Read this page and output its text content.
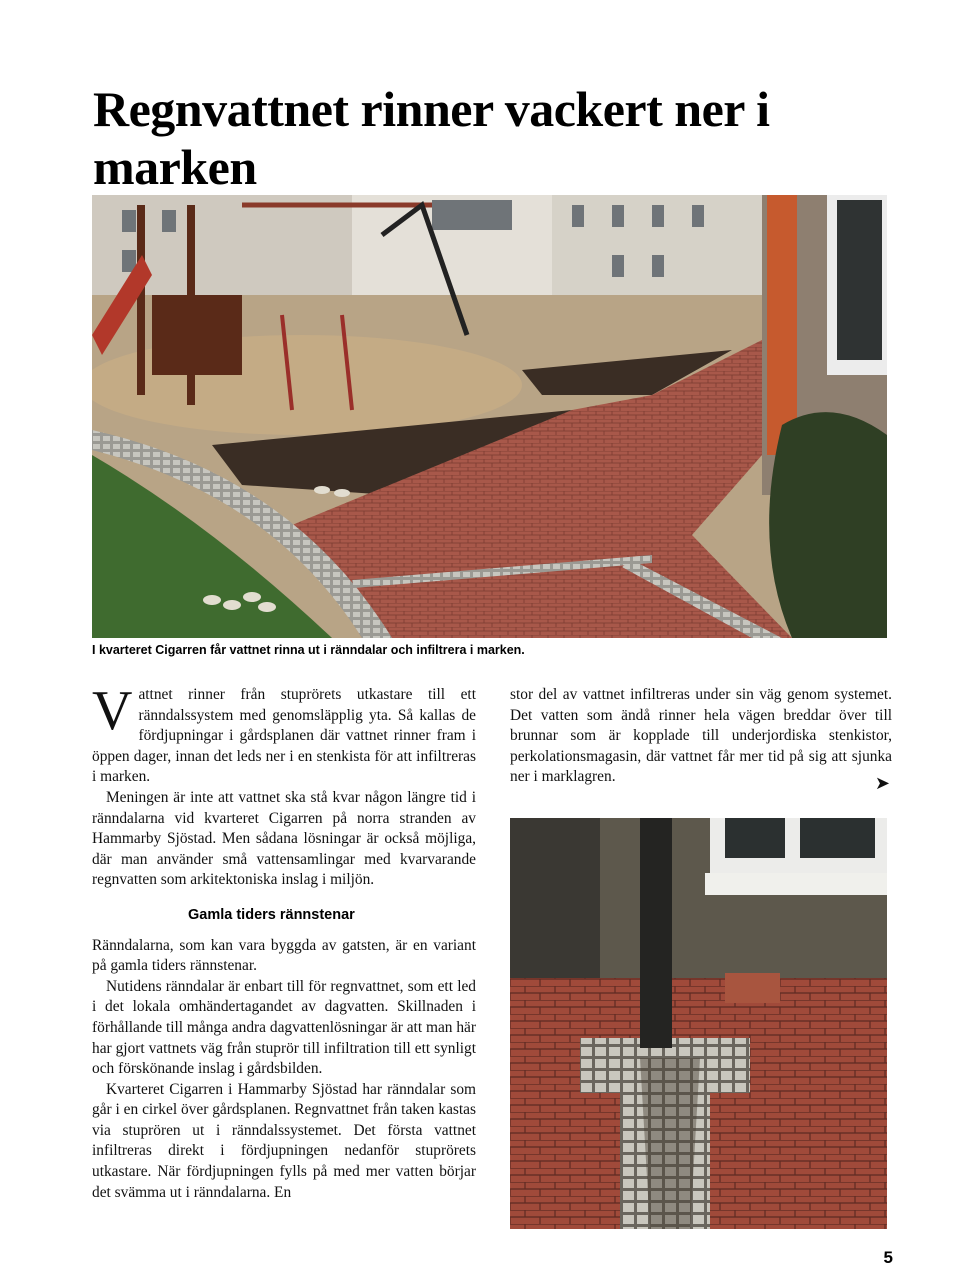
Regnvattnet rinner vackert ner i marken
I kvarteret Cigarren får vattnet rinna ut i ränndalar och infiltrera i marken.

Vattnet rinner från stuprörets utkastare till ett ränndalssystem med genomsläpplig yta. Så kallas de fördjupningar i gårdsplanen där vattnet rinner fram i öppen dager, innan det leds ner i en stenkista för att infiltreras i marken.

Meningen är inte att vattnet ska stå kvar någon längre tid i ränndalarna vid kvarteret Cigarren på norra stranden av Hammarby Sjöstad. Men sådana lösningar är också möjliga, där man använder små vattensamlingar med kvarvarande regnvatten som arkitektoniska inslag i miljön.

Gamla tiders rännstenar

Ränndalarna, som kan vara byggda av gatsten, är en variant på gamla tiders rännstenar.

Nutidens ränndalar är enbart till för regnvattnet, som ett led i det lokala omhändertagandet av dagvatten. Skillnaden i förhållande till många andra dagvattenlösningar är att man här har gjort vattnets väg från stuprör till infiltration till ett synligt och förskönande inslag i gårdsbilden.

Kvarteret Cigarren i Hammarby Sjöstad har ränndalar som går i en cirkel över gårdsplanen. Regnvattnet från taken kastas via stuprören ut i ränndalssystemet. Det första vattnet infiltreras direkt i fördjupningen nedanför stuprörets utkastare. När fördjupningen fylls på med mer vatten börjar det svämma ut i ränndalarna. En

stor del av vattnet infiltreras under sin väg genom systemet. Det vatten som ändå rinner hela vägen breddar över till brunnar som är kopplade till underjordiska stenkistor, perkolationsmagasin, där vattnet får mer tid på sig att sjunka ner i marklagren.	➤
5
